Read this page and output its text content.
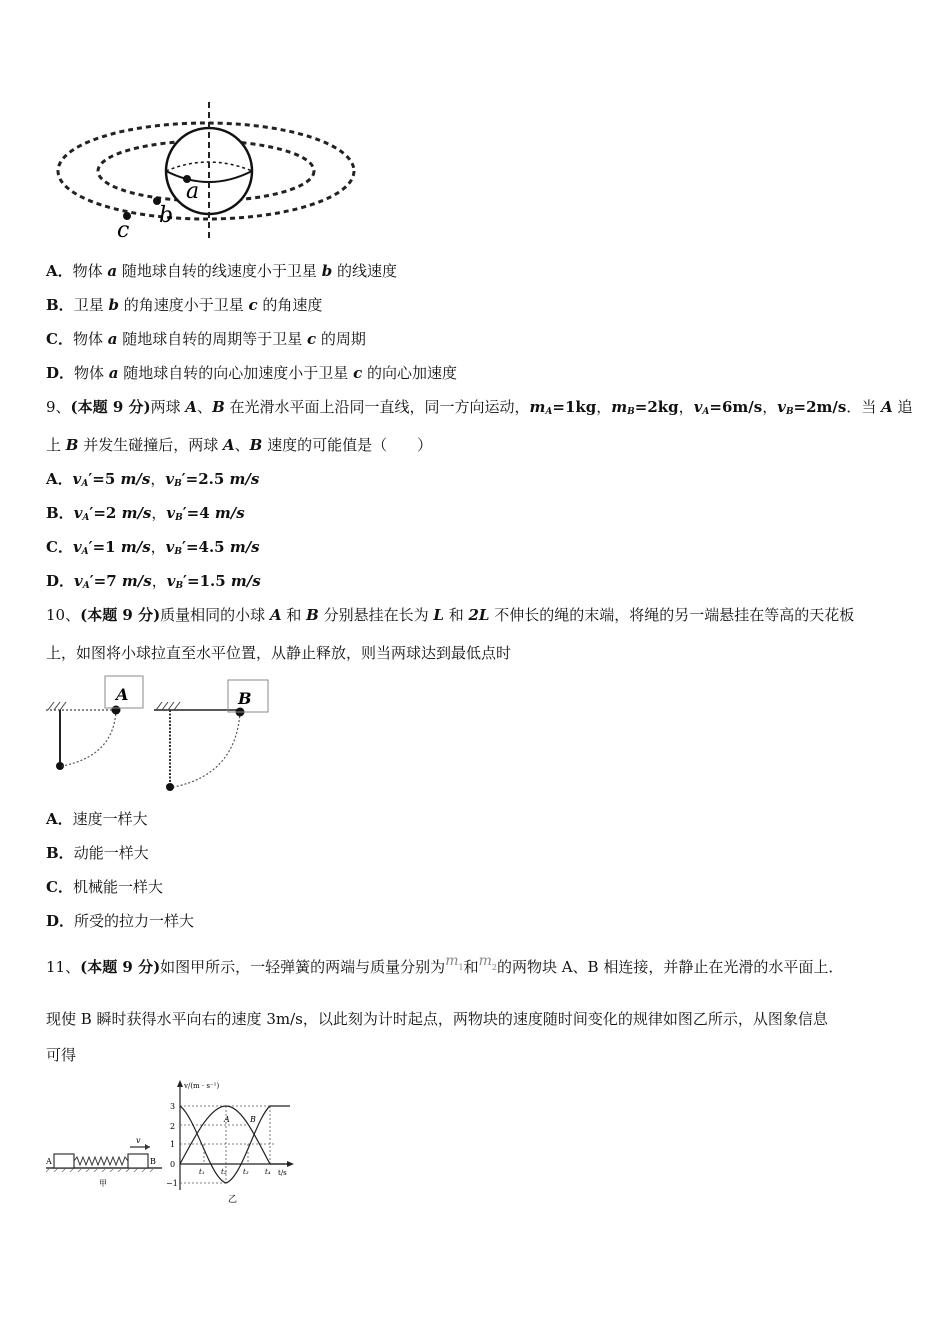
a
b
c
A．物体 a 随地球自转的线速度小于卫星 b 的线速度
B．卫星 b 的角速度小于卫星 c 的角速度
C．物体 a 随地球自转的周期等于卫星 c 的周期
D．物体 a 随地球自转的向心加速度小于卫星 c 的向心加速度
9、(本题 9 分)两球 A、B 在光滑水平面上沿同一直线，同一方向运动，$m_A=1kg$，$m_B=2kg$，$v_A=6m/s$，$v_B=2m/s$．当 A 追
上 B 并发生碰撞后，两球 A、B 速度的可能值是（　　）
A．$v_A'=5$ m/s，$v_B'=2.5$ m/s
B．$v_A'=2$ m/s，$v_B'=4$ m/s
C．$v_A'=1$ m/s，$v_B'=4.5$ m/s
D．$v_A'=7$ m/s，$v_B'=1.5$ m/s
10、(本题 9 分)质量相同的小球 A 和 B 分别悬挂在长为 L 和 2L 不伸长的绳的末端，将绳的另一端悬挂在等高的天花板
上，如图将小球拉直至水平位置，从静止释放，则当两球达到最低点时
A	B
A．速度一样大
B．动能一样大
C．机械能一样大
D．所受的拉力一样大
11、(本题 9 分)如图甲所示，一轻弹簧的两端与质量分别为$m_1$和$m_2$的两物块 A、B 相连接，并静止在光滑的水平面上．
现使 B 瞬时获得水平向右的速度 3m/s，以此刻为计时起点，两物块的速度随时间变化的规律如图乙所示，从图象信息
可得
v
A	B
甲
v/(m · s⁻¹)
t/s
3
2
1
0
−1
A	B
t₁ t₂ t₃ t₄
乙
